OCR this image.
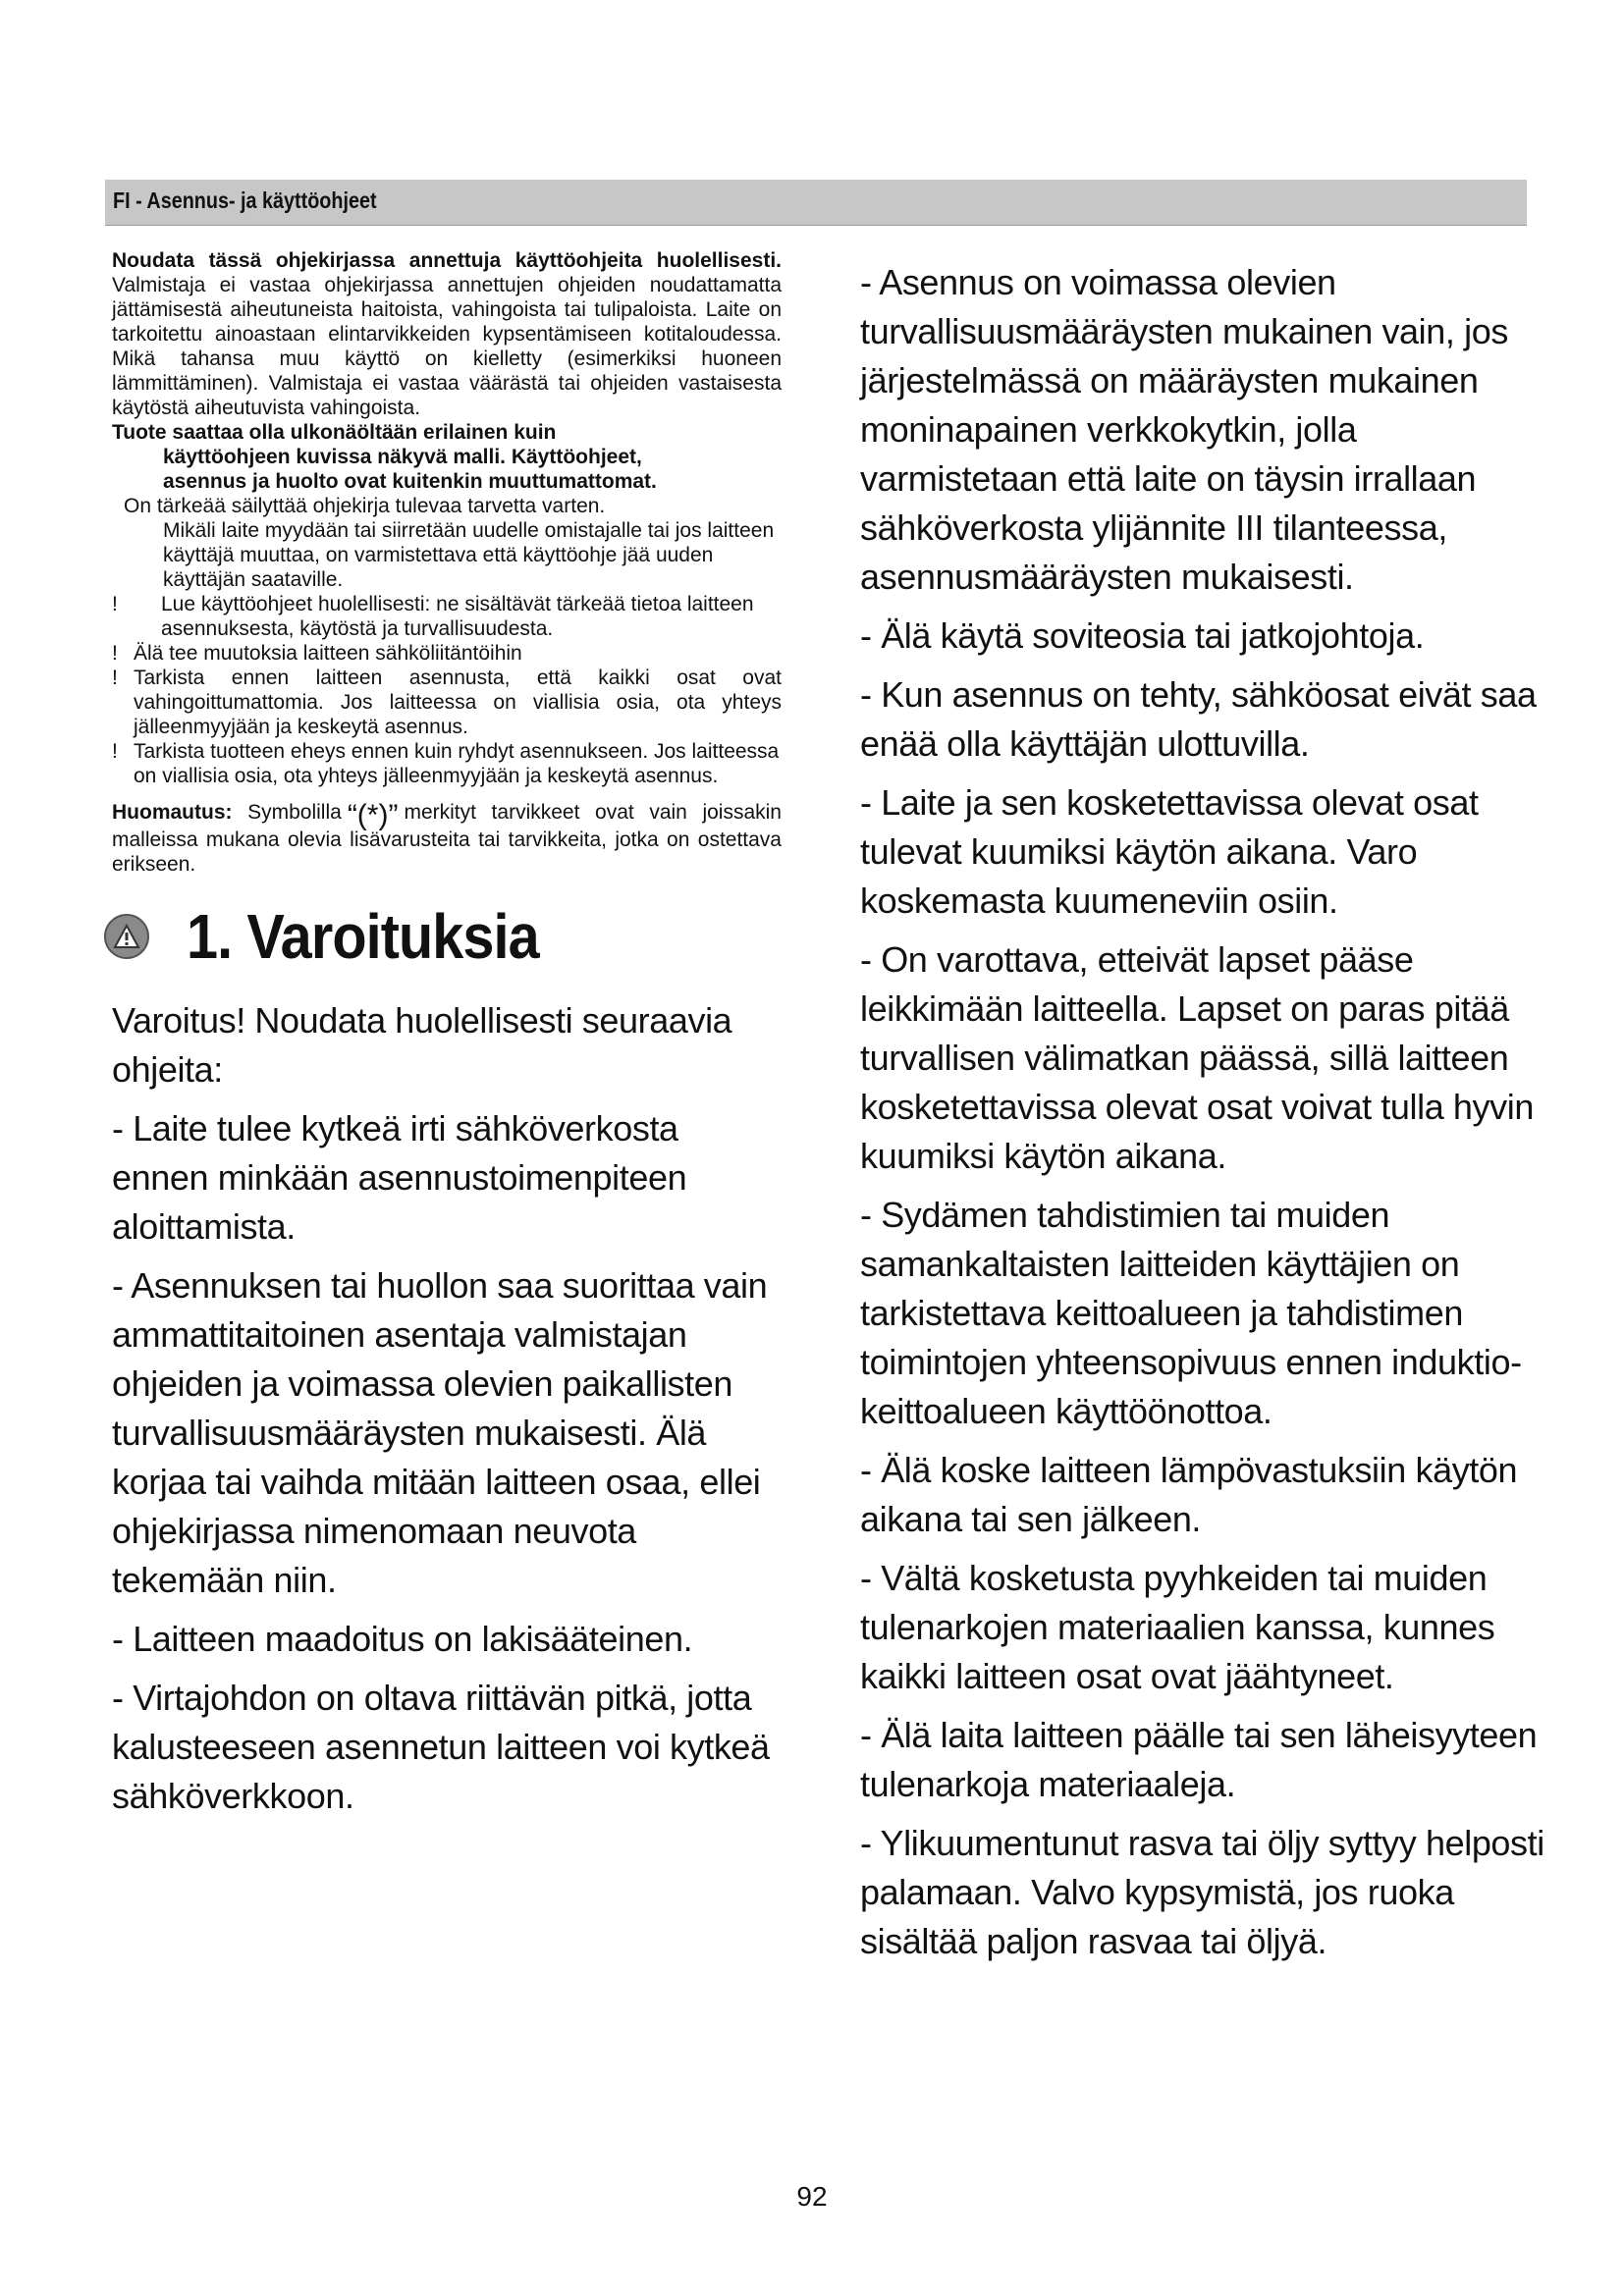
FI - Asennus- ja käyttöohjeet

Noudata tässä ohjekirjassa annettuja käyttöohjeita huolellisesti. Valmistaja ei vastaa ohjekirjassa annettujen ohjeiden noudattamatta jättämisestä aiheutuneista haitoista, vahingoista tai tulipaloista. Laite on tarkoitettu ainoastaan elintarvikkeiden kypsentämiseen kotitaloudessa. Mikä tahansa muu käyttö on kielletty (esimerkiksi huoneen lämmittäminen). Valmistaja ei vastaa väärästä tai ohjeiden vastaisesta käytöstä aiheutuvista vahingoista.

Tuote saattaa olla ulkonäöltään erilainen kuin

käyttöohjeen kuvissa näkyvä malli. Käyttöohjeet,

asennus ja huolto ovat kuitenkin muuttumattomat.

On tärkeää säilyttää ohjekirja tulevaa tarvetta varten.

Mikäli laite myydään tai siirretään uudelle omistajalle tai jos laitteen käyttäjä muuttaa, on varmistettava että käyttöohje jää uuden käyttäjän saataville.

!	Lue käyttöohjeet huolellisesti: ne sisältävät tärkeää tietoa laitteen asennuksesta, käytöstä ja turvallisuudesta.
! Älä tee muutoksia laitteen sähköliitäntöihin
! Tarkista ennen laitteen asennusta, että kaikki osat ovat vahingoittumattomia. Jos laitteessa on viallisia osia, ota yhteys jälleenmyyjään ja keskeytä asennus.
! Tarkista tuotteen eheys ennen kuin ryhdyt asennukseen. Jos laitteessa on viallisia osia, ota yhteys jälleenmyyjään ja keskeytä asennus.

Huomautus: Symbolilla “(*)” merkityt tarvikkeet ovat vain joissakin malleissa mukana olevia lisävarusteita tai tarvikkeita, jotka on ostettava erikseen.

1. Varoituksia

Varoitus! Noudata huolellisesti seuraavia ohjeita:

- Laite tulee kytkeä irti sähköverkosta ennen minkään asennustoimenpiteen aloittamista.

- Asennuksen tai huollon saa suorittaa vain ammattitaitoinen asentaja valmistajan ohjeiden ja voimassa olevien paikallisten turvallisuusmääräysten mukaisesti. Älä korjaa tai vaihda mitään laitteen osaa, ellei ohjekirjassa nimenomaan neuvota tekemään niin.

- Laitteen maadoitus on lakisääteinen.

- Virtajohdon on oltava riittävän pitkä, jotta kalusteeseen asennetun laitteen voi kytkeä sähköverkkoon.

- Asennus on voimassa olevien turvallisuusmääräysten mukainen vain, jos järjestelmässä on määräysten mukainen moninapainen verkkokytkin, jolla varmistetaan että laite on täysin irrallaan sähköverkosta ylijännite III tilanteessa, asennusmääräysten mukaisesti.

- Älä käytä soviteosia tai jatkojohtoja.

- Kun asennus on tehty, sähköosat eivät saa enää olla käyttäjän ulottuvilla.

- Laite ja sen kosketettavissa olevat osat tulevat kuumiksi käytön aikana. Varo koskemasta kuumeneviin osiin.

- On varottava, etteivät lapset pääse leikkimään laitteella. Lapset on paras pitää turvallisen välimatkan päässä, sillä laitteen kosketettavissa olevat osat voivat tulla hyvin kuumiksi käytön aikana.

- Sydämen tahdistimien tai muiden samankaltaisten laitteiden käyttäjien on tarkistettava keittoalueen ja tahdistimen toimintojen yhteensopivuus ennen induktio-keittoalueen käyttöönottoa.

- Älä koske laitteen lämpövastuksiin käytön aikana tai sen jälkeen.

- Vältä kosketusta pyyhkeiden tai muiden tulenarkojen materiaalien kanssa, kunnes kaikki laitteen osat ovat jäähtyneet.

- Älä laita laitteen päälle tai sen läheisyyteen tulenarkoja materiaaleja.

- Ylikuumentunut rasva tai öljy syttyy helposti palamaan. Valvo kypsymistä, jos ruoka sisältää paljon rasvaa tai öljyä.

92
